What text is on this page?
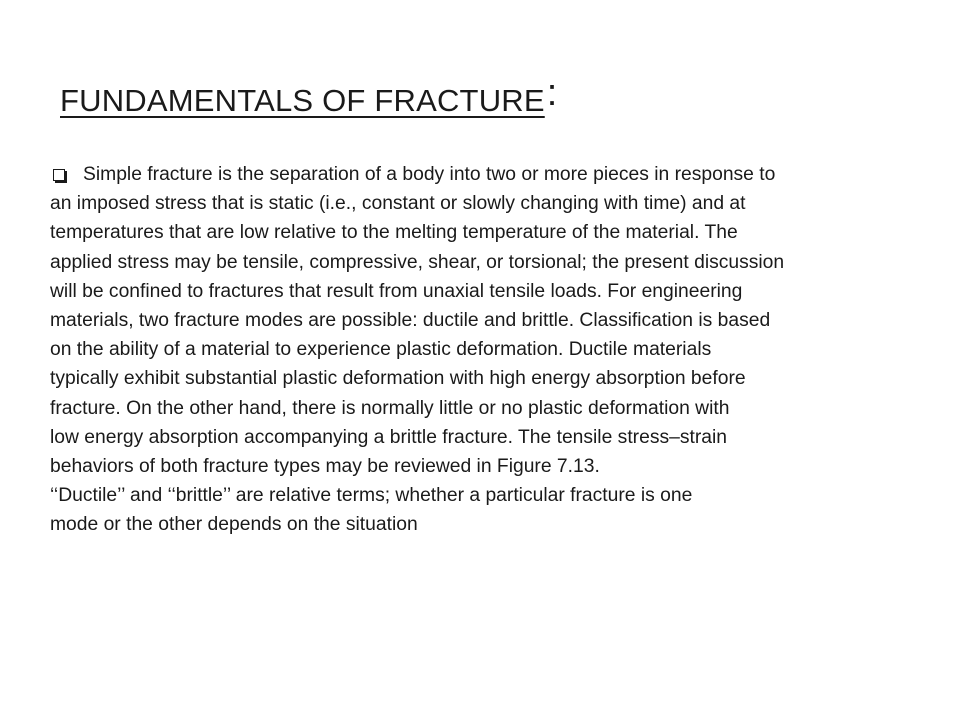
FUNDAMENTALS OF FRACTURE:
Simple fracture is the separation of a body into two or more pieces in response to
an imposed stress that is static (i.e., constant or slowly changing with time) and at
temperatures that are low relative to the melting temperature of the material. The
applied stress may be tensile, compressive, shear, or torsional; the present discussion
will be confined to fractures that result from unaxial tensile loads. For engineering
materials, two fracture modes are possible: ductile and brittle. Classification is based
on the ability of a material to experience plastic deformation. Ductile materials
typically exhibit substantial plastic deformation with high energy absorption before
fracture. On the other hand, there is normally little or no plastic deformation with
low energy absorption accompanying a brittle fracture. The tensile stress–strain
behaviors of both fracture types may be reviewed in Figure 7.13.
‘‘Ductile’’ and ‘‘brittle’’ are relative terms; whether a particular fracture is one
mode or the other depends on the situation
